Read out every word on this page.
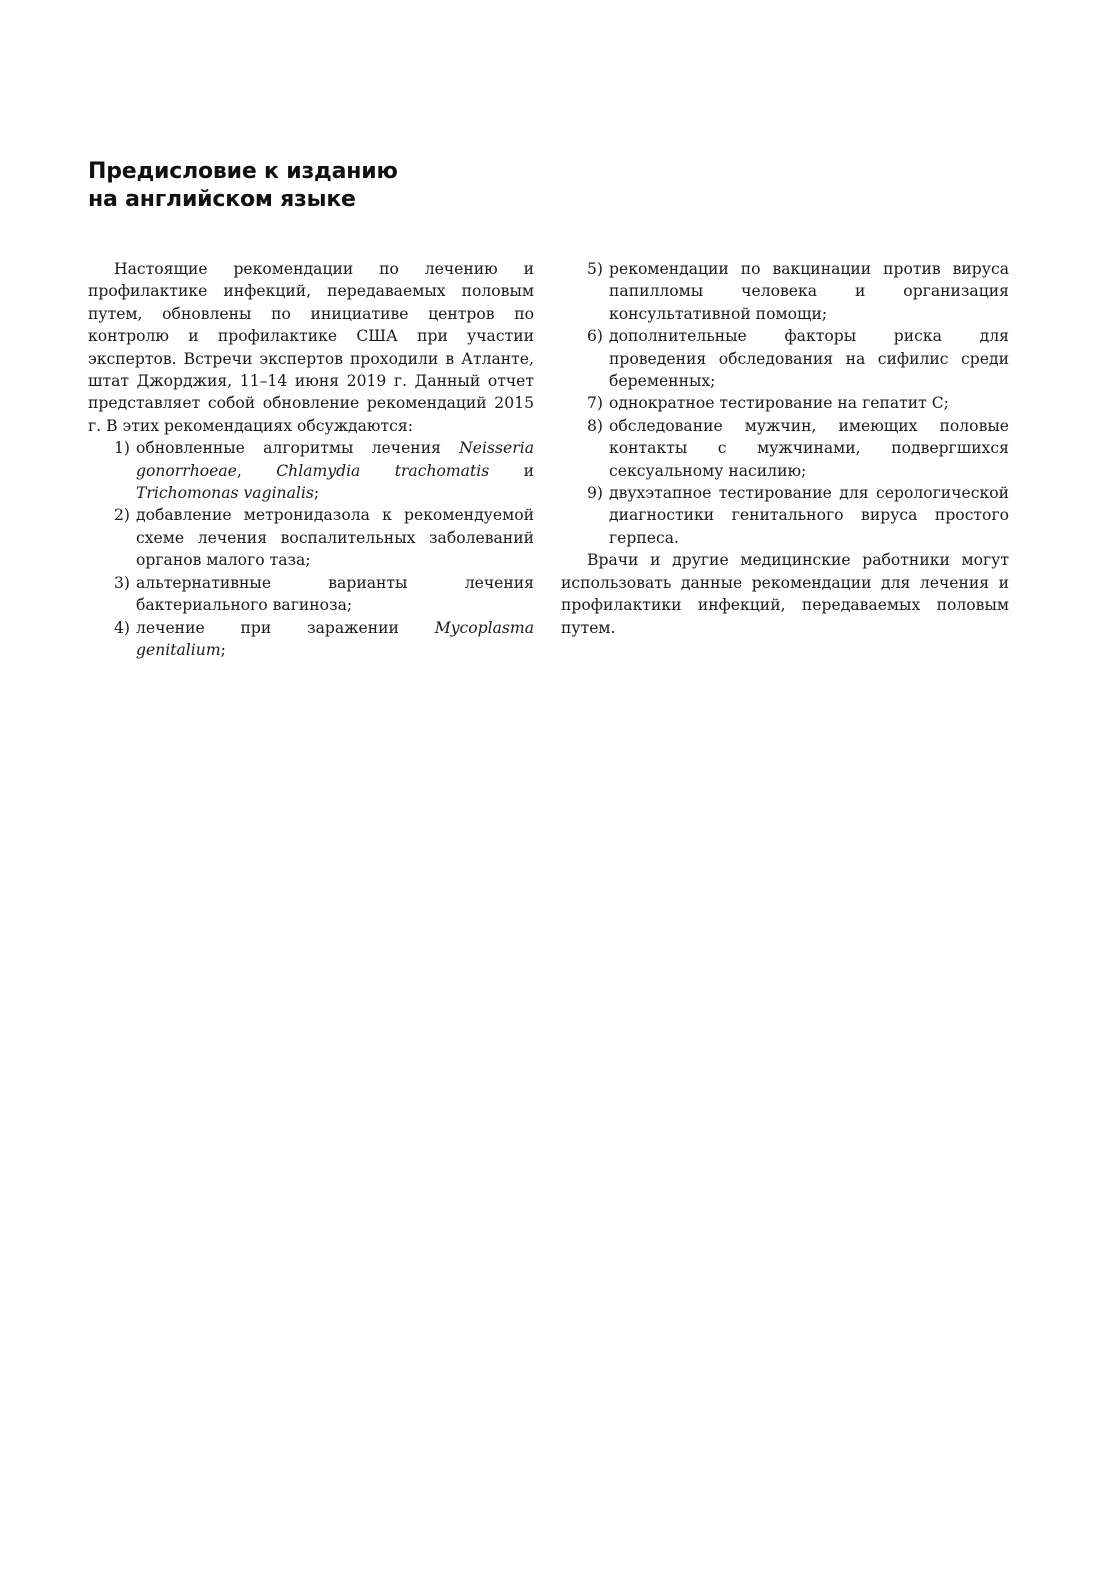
Предисловие к изданию
на английском языке

Настоящие рекомендации по лечению и профилактике инфекций, передаваемых половым путем, обновлены по инициативе центров по контролю и профилактике США при участии экспертов. Встречи экспертов проходили в Атланте, штат Джорджия, 11–14 июня 2019 г. Данный отчет представляет собой обновление рекомендаций 2015 г. В этих рекомендациях обсуждаются:

1) обновленные алгоритмы лечения Neisseria gonorrhoeae, Chlamydia trachomatis и Trichomonas vaginalis;
2) добавление метронидазола к рекомендуемой схеме лечения воспалительных заболеваний органов малого таза;
3) альтернативные варианты лечения бактериального вагиноза;
4) лечение при заражении Mycoplasma genitalium;
5) рекомендации по вакцинации против вируса папилломы человека и организация консультативной помощи;
6) дополнительные факторы риска для проведения обследования на сифилис среди беременных;
7) однократное тестирование на гепатит С;
8) обследование мужчин, имеющих половые контакты с мужчинами, подвергшихся сексуальному насилию;
9) двухэтапное тестирование для серологической диагностики генитального вируса простого герпеса.

Врачи и другие медицинские работники могут использовать данные рекомендации для лечения и профилактики инфекций, передаваемых половым путем.
